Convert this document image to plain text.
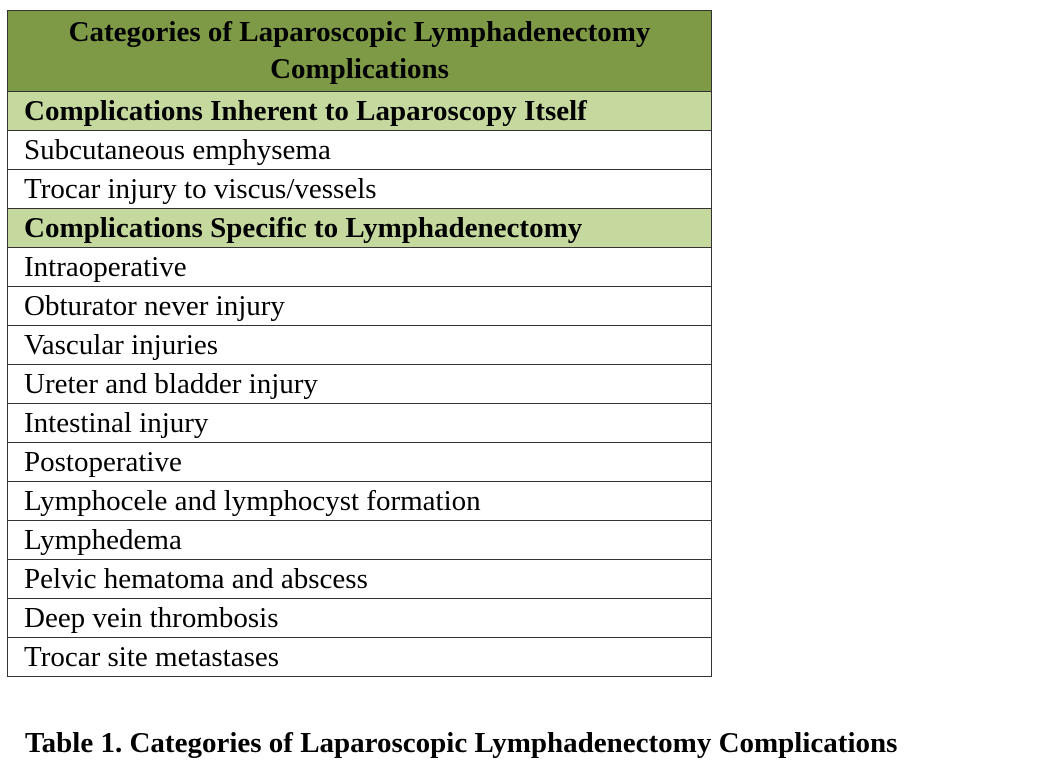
Categories of Laparoscopic Lymphadenectomy Complications
Complications Inherent to Laparoscopy Itself
Subcutaneous emphysema
Trocar injury to viscus/vessels
Complications Specific to Lymphadenectomy
Intraoperative
Obturator never injury
Vascular injuries
Ureter and bladder injury
Intestinal injury
Postoperative
Lymphocele and lymphocyst formation
Lymphedema
Pelvic hematoma and abscess
Deep vein thrombosis
Trocar site metastases
Table 1. Categories of Laparoscopic Lymphadenectomy Complications
